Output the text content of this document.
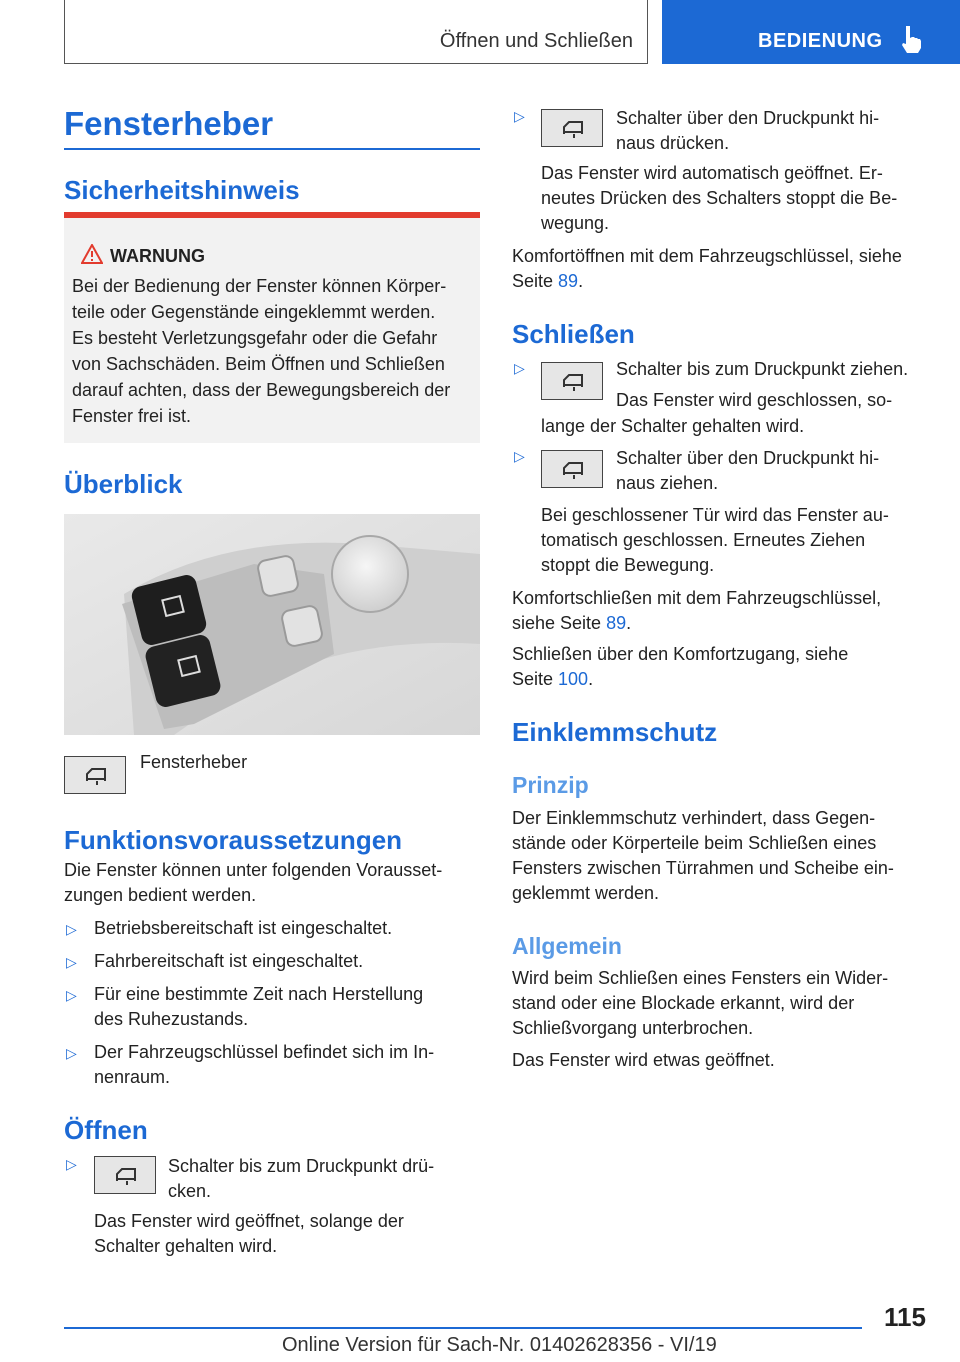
Öffnen und Schließen	BEDIENUNG
Fensterheber
Sicherheitshinweis
WARNUNG
Bei der Bedienung der Fenster können Körper-
teile oder Gegenstände eingeklemmt werden.
Es besteht Verletzungsgefahr oder die Gefahr
von Sachschäden. Beim Öffnen und Schließen
darauf achten, dass der Bewegungsbereich der
Fenster frei ist.
Überblick
Fensterheber
Funktionsvoraussetzungen
Die Fenster können unter folgenden Vorausset-
zungen bedient werden.
▷ Betriebsbereitschaft ist eingeschaltet.
▷ Fahrbereitschaft ist eingeschaltet.
▷ Für eine bestimmte Zeit nach Herstellung
des Ruhezustands.
▷ Der Fahrzeugschlüssel befindet sich im In-
nenraum.
Öffnen
▷	Schalter bis zum Druckpunkt drü-
cken.
Das Fenster wird geöffnet, solange der
Schalter gehalten wird.
▷	Schalter über den Druckpunkt hi-
naus drücken.
Das Fenster wird automatisch geöffnet. Er-
neutes Drücken des Schalters stoppt die Be-
wegung.
Komfortöffnen mit dem Fahrzeugschlüssel, siehe
Seite 89.
Schließen
▷	Schalter bis zum Druckpunkt ziehen.
Das Fenster wird geschlossen, so-
lange der Schalter gehalten wird.
▷	Schalter über den Druckpunkt hi-
naus ziehen.
Bei geschlossener Tür wird das Fenster au-
tomatisch geschlossen. Erneutes Ziehen
stoppt die Bewegung.
Komfortschließen mit dem Fahrzeugschlüssel,
siehe Seite 89.
Schließen über den Komfortzugang, siehe
Seite 100.
Einklemmschutz
Prinzip
Der Einklemmschutz verhindert, dass Gegen-
stände oder Körperteile beim Schließen eines
Fensters zwischen Türrahmen und Scheibe ein-
geklemmt werden.
Allgemein
Wird beim Schließen eines Fensters ein Wider-
stand oder eine Blockade erkannt, wird der
Schließvorgang unterbrochen.
Das Fenster wird etwas geöffnet.
115
Online Version für Sach-Nr. 01402628356 - VI/19
